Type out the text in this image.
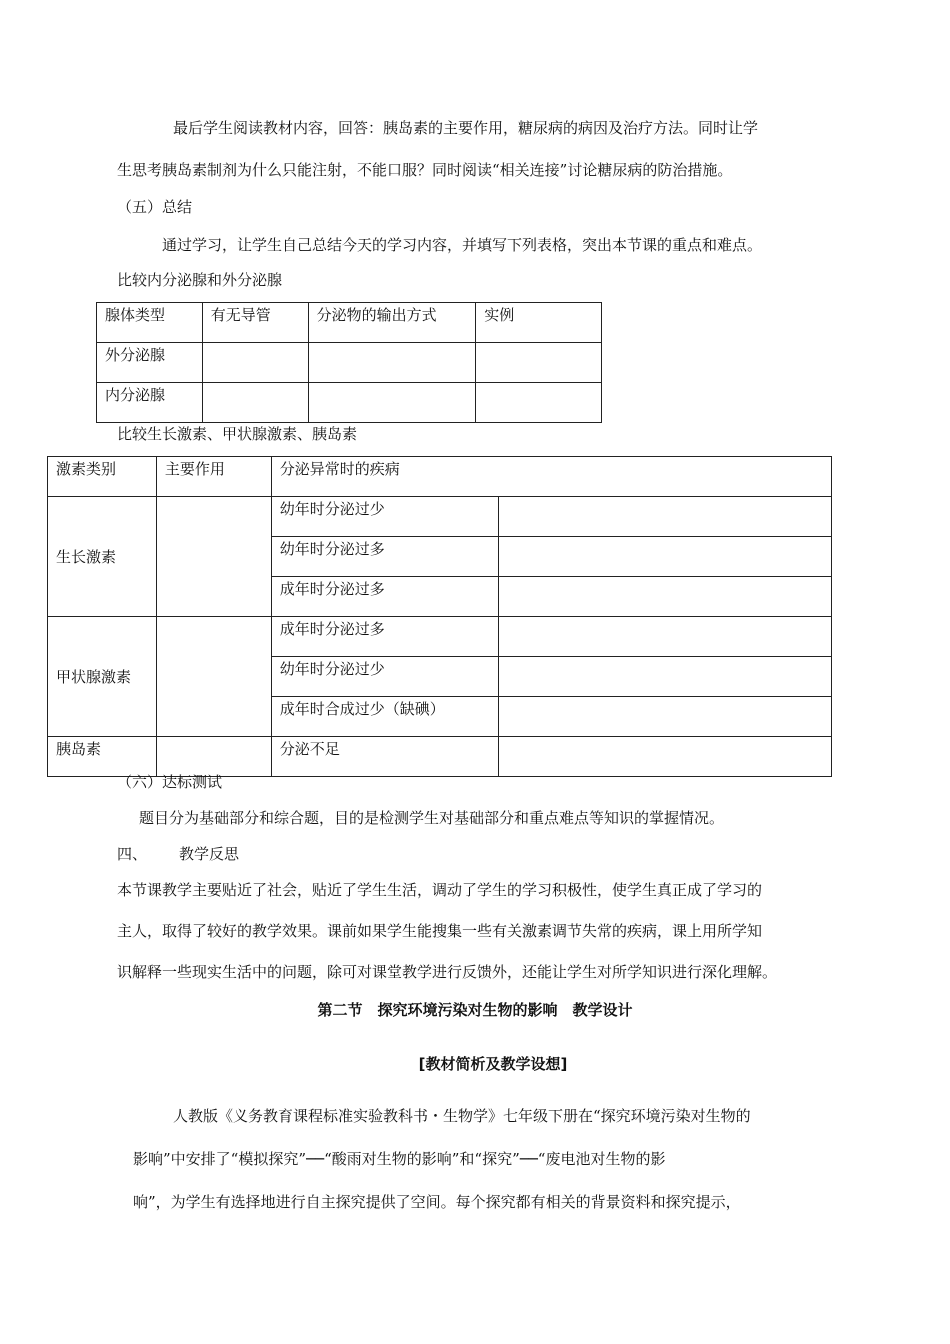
最后学生阅读教材内容，回答：胰岛素的主要作用，糖尿病的病因及治疗方法。同时让学
生思考胰岛素制剂为什么只能注射，不能口服？同时阅读“相关连接”讨论糖尿病的防治措施。
（五）总结
通过学习，让学生自己总结今天的学习内容，并填写下列表格，突出本节课的重点和难点。
比较内分泌腺和外分泌腺
腺体类型	有无导管	分泌物的输出方式	实例
外分泌腺			
内分泌腺			
比较生长激素、甲状腺激素、胰岛素
激素类别	主要作用	分泌异常时的疾病	
生长激素		幼年时分泌过少	
		幼年时分泌过多	
		成年时分泌过多	
甲状腺激素		成年时分泌过多	
		幼年时分泌过少	
		成年时合成过少（缺碘）	
胰岛素		分泌不足	
（六）达标测试
题目分为基础部分和综合题，目的是检测学生对基础部分和重点难点等知识的掌握情况。
四、 教学反思
本节课教学主要贴近了社会，贴近了学生生活，调动了学生的学习积极性，使学生真正成了学习的
主人，取得了较好的教学效果。课前如果学生能搜集一些有关激素调节失常的疾病，课上用所学知
识解释一些现实生活中的问题，除可对课堂教学进行反馈外，还能让学生对所学知识进行深化理解。
第二节　探究环境污染对生物的影响　教学设计
[教材简析及教学设想]
人教版《义务教育课程标准实验教科书・生物学》七年级下册在“探究环境污染对生物的
影响”中安排了“模拟探究”──“酸雨对生物的影响”和“探究”──“废电池对生物的影
响”，为学生有选择地进行自主探究提供了空间。每个探究都有相关的背景资料和探究提示，
